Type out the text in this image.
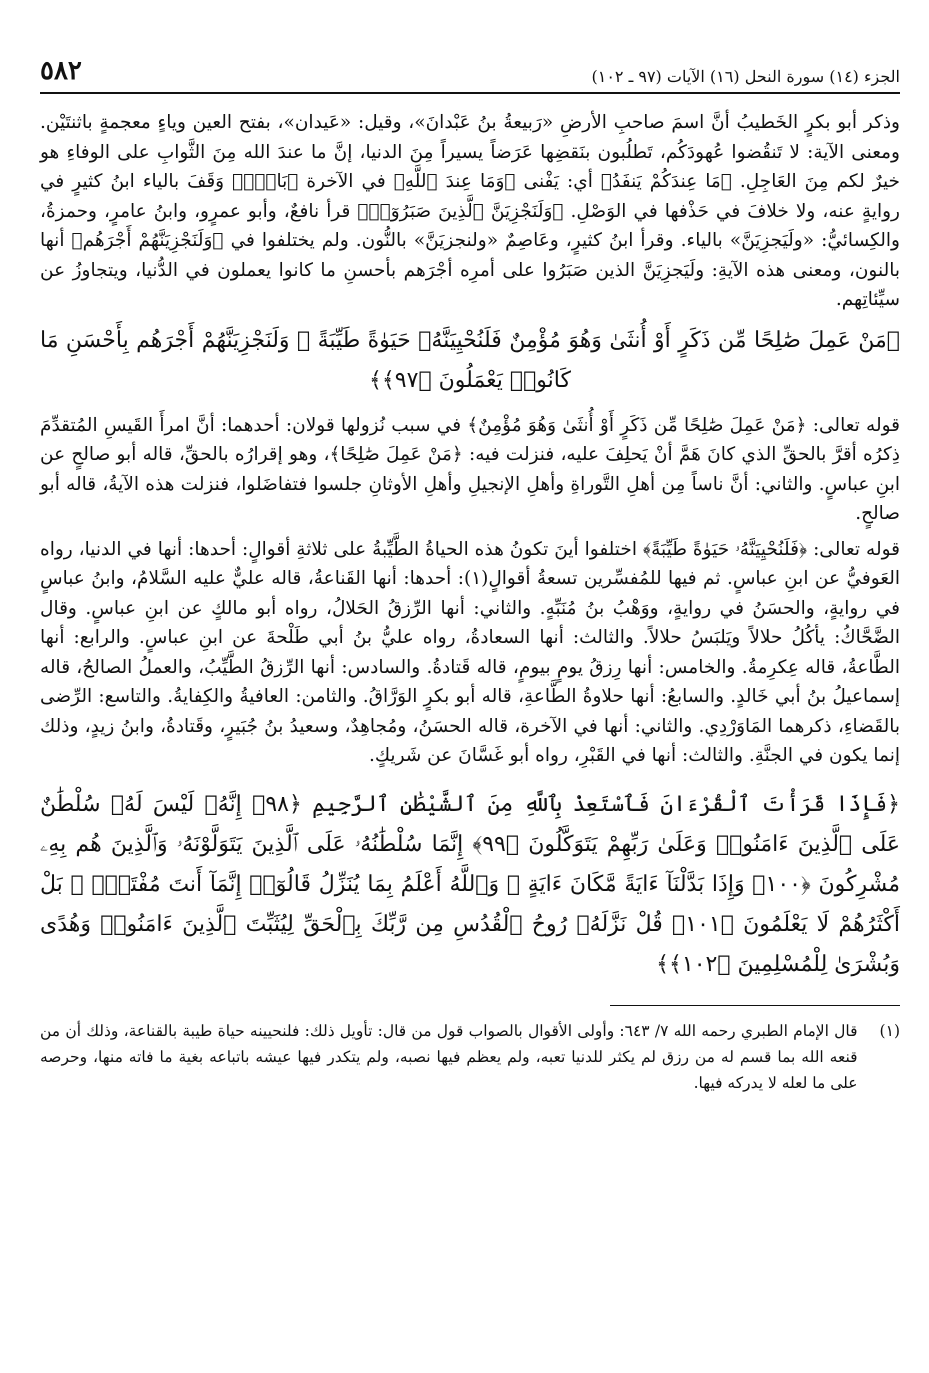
الجزء (١٤) سورة النحل (١٦) الآيات (٩٧ ـ ١٠٢)
٥٨٢

وذكر أبو بكرٍ الخَطيبُ أنَّ اسمَ صاحبِ الأرضِ «رَبيعةُ بنُ عَبْدانَ»، وقيل: «عَيدان»، بفتح العين وياءٍ معجمةٍ باثنتَيْن. ومعنى الآية: لا تَنقُضوا عُهودَكُم، تَطلُبون بنَقضِها عَرَضاً يسيراً مِنَ الدنيا، إنَّ ما عندَ الله مِنَ الثَّوابِ على الوفاءِ هو خيرٌ لكم مِنَ العَاجِلِ. ﴿مَا عِندَكُمْ يَنفَدُ﴾ أي: يَفْنى ﴿وَمَا عِندَ ٱللَّهِ﴾ في الآخرة ﴿بَاقٍۢ﴾ وَقَفَ بالياء ابنُ كثيرٍ في روايةٍ عنه، ولا خلافَ في حَذْفها في الوَصْلِ. ﴿وَلَنَجْزِيَنَّ ٱلَّذِينَ صَبَرُوٓا۟﴾ قرأ نافعٌ، وأبو عمرٍو، وابنُ عامرٍ، وحمزةُ، والكِسائيُّ: «ولَيَجزِيَنَّ» بالياء. وقرأ ابنُ كثيرٍ، وعَاصِمٌ «ولنجزيَنَّ» بالنُّون. ولم يختلفوا في ﴿وَلَنَجْزِيَنَّهُمْ أَجْرَهُم﴾ أنها بالنون، ومعنى هذه الآيةِ: ولَيَجزِيَنَّ الذين صَبَرُوا على أمرِه أجْرَهم بأحسنِ ما كانوا يعملون في الدُّنيا، ويتجاوزُ عن سيِّئاتِهم.

﴿مَنْ عَمِلَ صَٰلِحًا مِّن ذَكَرٍ أَوْ أُنثَىٰ وَهُوَ مُؤْمِنٌ فَلَنُحْيِيَنَّهُۥ حَيَوٰةً طَيِّبَةً ۖ وَلَنَجْزِيَنَّهُمْ أَجْرَهُم بِأَحْسَنِ مَا كَانُوا۟ يَعْمَلُونَ ﴿٩٧﴾﴾

قوله تعالى: ﴿مَنْ عَمِلَ صَٰلِحًا مِّن ذَكَرٍ أَوْ أُنثَىٰ وَهُوَ مُؤْمِنٌ﴾ في سبب نُزولها قولان: أحدهما: أنَّ امرأَ القَيسِ المُتقدِّمَ ذِكرُه أقرَّ بالحقِّ الذي كانَ هَمَّ أنْ يَحلِفَ عليه، فنزلت فيه: ﴿مَنْ عَمِلَ صَٰلِحًا﴾، وهو إقرارُه بالحقِّ، قاله أبو صالحٍ عن ابنِ عباسٍ. والثاني: أنَّ ناساً مِن أهلِ التَّوراةِ وأهلِ الإنجيلِ وأهلِ الأوثانِ جلسوا فتفاضَلوا، فنزلت هذه الآيةُ، قاله أبو صالحٍ.

قوله تعالى: ﴿فَلَنُحْيِيَنَّهُۥ حَيَوٰةً طَيِّبَةً﴾ اختلفوا أينَ تكونُ هذه الحياةُ الطَّيِّبةُ على ثلاثةِ أقوالٍ: أحدها: أنها في الدنيا، رواه العَوفيُّ عن ابنِ عباسٍ. ثم فيها للمُفسِّرين تسعةُ أقوالٍ(١): أحدها: أنها القَناعةُ، قاله عليٌّ عليه السَّلامُ، وابنُ عباسٍ في روايةٍ، والحسَنُ في روايةٍ، ووَهْبُ بنُ مُنَبِّهٍ. والثاني: أنها الرِّزقُ الحَلالُ، رواه أبو مالكٍ عن ابنِ عباسٍ. وقال الضَّحَّاكُ: يأكُلُ حلالاً ويَلبَسُ حلالاً. والثالث: أنها السعادةُ، رواه عليُّ بنُ أبي طَلْحةَ عن ابنِ عباسٍ. والرابع: أنها الطَّاعةُ، قاله عِكرِمةُ. والخامس: أنها رِزقُ يومٍ بيومٍ، قاله قَتادةُ. والسادس: أنها الرِّزقُ الطَّيِّبُ، والعملُ الصالحُ، قاله إسماعيلُ بنُ أبي خَالدٍ. والسابعُ: أنها حلاوةُ الطَّاعةِ، قاله أبو بكرٍ الوَرَّاقُ. والثامن: العافيةُ والكِفايةُ. والتاسع: الرِّضى بالقَضاءِ، ذكرهما المَاوَرْدِي. والثاني: أنها في الآخرة، قاله الحسَنُ، ومُجاهِدٌ، وسعيدُ بنُ جُبَيرٍ، وقَتادةُ، وابنُ زيدٍ، وذلك إنما يكون في الجنَّةِ. والثالث: أنها في القَبْرِ، رواه أبو غَسَّانَ عن شَريكٍ.

﴿فَإِذَا قَرَأْتَ ٱلْقُرْءَانَ فَٱسْتَعِذْ بِٱللَّهِ مِنَ ٱلشَّيْطَٰنِ ٱلرَّجِيمِ ﴿٩٨﴾ إِنَّهُۥ لَيْسَ لَهُۥ سُلْطَٰنٌ عَلَى ٱلَّذِينَ ءَامَنُوا۟ وَعَلَىٰ رَبِّهِمْ يَتَوَكَّلُونَ ﴿٩٩﴾ إِنَّمَا سُلْطَٰنُهُۥ عَلَى ٱلَّذِينَ يَتَوَلَّوْنَهُۥ وَٱلَّذِينَ هُم بِهِۦ مُشْرِكُونَ ﴿١٠٠﴾ وَإِذَا بَدَّلْنَآ ءَايَةً مَّكَانَ ءَايَةٍ ۙ وَٱللَّهُ أَعْلَمُ بِمَا يُنَزِّلُ قَالُوٓا۟ إِنَّمَآ أَنتَ مُفْتَرٍۭ ۚ بَلْ أَكْثَرُهُمْ لَا يَعْلَمُونَ ﴿١٠١﴾ قُلْ نَزَّلَهُۥ رُوحُ ٱلْقُدُسِ مِن رَّبِّكَ بِٱلْحَقِّ لِيُثَبِّتَ ٱلَّذِينَ ءَامَنُوا۟ وَهُدًى وَبُشْرَىٰ لِلْمُسْلِمِينَ ﴿١٠٢﴾﴾

(١)

قال الإمام الطبري رحمه الله ٧/ ٦٤٣: وأولى الأقوال بالصواب قول من قال: تأويل ذلك: فلنحيينه حياة طيبة بالقناعة، وذلك أن من قنعه الله بما قسم له من رزق لم يكثر للدنيا تعبه، ولم يعظم فيها نصبه، ولم يتكدر فيها عيشه باتباعه بغية ما فاته منها، وحرصه على ما لعله لا يدركه فيها.
